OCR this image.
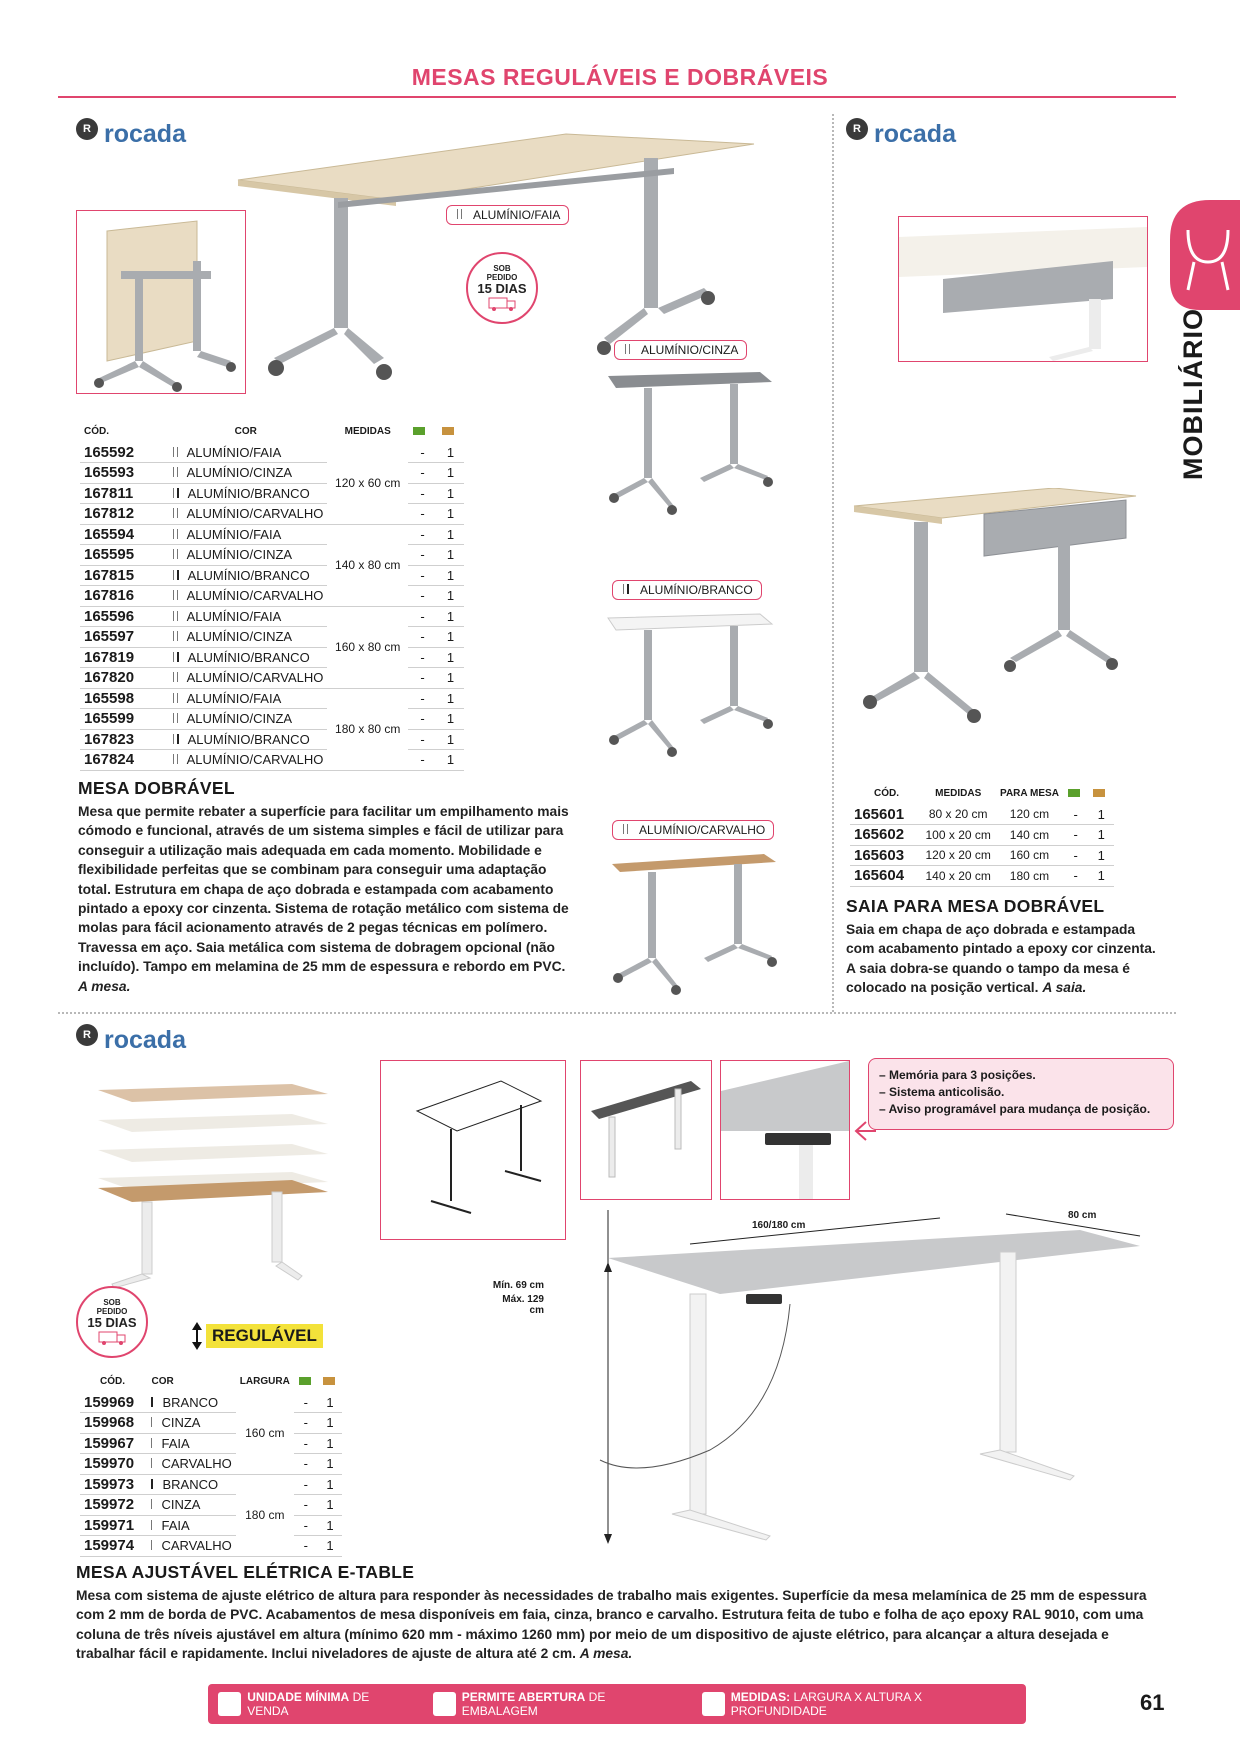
MESAS REGULÁVEIS E DOBRÁVEIS
MOBILIÁRIO
R rocada
ALUMÍNIO/FAIA
ALUMÍNIO/CINZA
ALUMÍNIO/BRANCO
ALUMÍNIO/CARVALHO
SOB
PEDIDO
15 DIAS
CÓD.	COR	MEDIDAS		
165592	ALUMÍNIO/FAIA	120 x 60 cm	-	1
165593	ALUMÍNIO/CINZA		-	1
167811	ALUMÍNIO/BRANCO		-	1
167812	ALUMÍNIO/CARVALHO		-	1
165594	ALUMÍNIO/FAIA	140 x 80 cm	-	1
165595	ALUMÍNIO/CINZA		-	1
167815	ALUMÍNIO/BRANCO		-	1
167816	ALUMÍNIO/CARVALHO		-	1
165596	ALUMÍNIO/FAIA	160 x 80 cm	-	1
165597	ALUMÍNIO/CINZA		-	1
167819	ALUMÍNIO/BRANCO		-	1
167820	ALUMÍNIO/CARVALHO		-	1
165598	ALUMÍNIO/FAIA	180 x 80 cm	-	1
165599	ALUMÍNIO/CINZA		-	1
167823	ALUMÍNIO/BRANCO		-	1
167824	ALUMÍNIO/CARVALHO		-	1
MESA DOBRÁVEL
Mesa que permite rebater a superfície para facilitar um empilhamento mais cómodo e funcional, através de um sistema simples e fácil de utilizar para conseguir a utilização mais adequada em cada momento. Mobilidade e flexibilidade perfeitas que se combinam para conseguir uma adaptação total. Estrutura em chapa de aço dobrada e estampada com acabamento pintado a epoxy cor cinzenta. Sistema de rotação metálico com sistema de molas para fácil acionamento através de 2 pegas técnicas em polímero. Travessa em aço. Saia metálica com sistema de dobragem opcional (não incluído). Tampo em melamina de 25 mm de espessura e rebordo em PVC. A mesa.
R rocada
CÓD.	MEDIDAS	PARA MESA		
165601	80 x 20 cm	120 cm	-	1
165602	100 x 20 cm	140 cm	-	1
165603	120 x 20 cm	160 cm	-	1
165604	140 x 20 cm	180 cm	-	1
SAIA PARA MESA DOBRÁVEL
Saia em chapa de aço dobrada e estampada com acabamento pintado a epoxy cor cinzenta. A saia dobra-se quando o tampo da mesa é colocado na posição vertical. A saia.
R rocada
SOB
PEDIDO
15 DIAS
REGULÁVEL
– Memória para 3 posições.
– Sistema anticolisão.
– Aviso programável para mudança de posição.
160/180 cm
80 cm
Mín. 69 cm
Máx. 129 cm
CÓD.	COR	LARGURA		
159969	BRANCO	160 cm	-	1
159968	CINZA		-	1
159967	FAIA		-	1
159970	CARVALHO		-	1
159973	BRANCO	180 cm	-	1
159972	CINZA		-	1
159971	FAIA		-	1
159974	CARVALHO		-	1
MESA AJUSTÁVEL ELÉTRICA E-TABLE
Mesa com sistema de ajuste elétrico de altura para responder às necessidades de trabalho mais exigentes. Superfície da mesa melamínica de 25 mm de espessura com 2 mm de borda de PVC. Acabamentos de mesa disponíveis em faia, cinza, branco e carvalho. Estrutura feita de tubo e folha de aço epoxy RAL 9010, com uma coluna de três níveis ajustável em altura (mínimo 620 mm - máximo 1260 mm) por meio de um dispositivo de ajuste elétrico, para alcançar a altura desejada e trabalhar fácil e rapidamente. Inclui niveladores de ajuste de altura até 2 cm. A mesa.
UNIDADE MÍNIMA DE VENDA
PERMITE ABERTURA DE EMBALAGEM
MEDIDAS: LARGURA X ALTURA X PROFUNDIDADE	61
